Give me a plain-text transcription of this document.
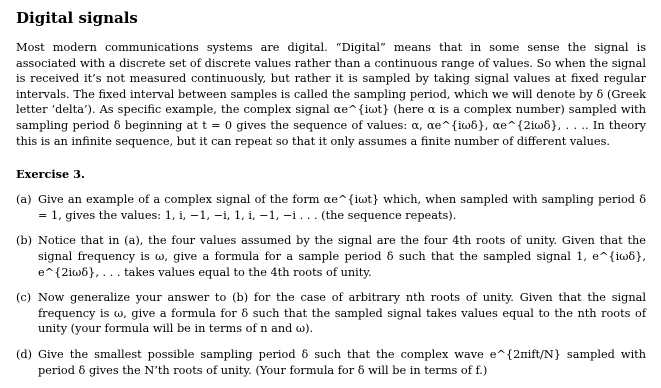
Digital signals

Most modern communications systems are digital. “Digital” means that in some sense the signal is associated with a discrete set of discrete values rather than a continuous range of values. So when the signal is received it’s not measured continuously, but rather it is sampled by taking signal values at fixed regular intervals. The fixed interval between samples is called the sampling period, which we will denote by δ (Greek letter ‘delta’). As specific example, the complex signal αe^{iωt} (here α is a complex number) sampled with sampling period δ beginning at t = 0 gives the sequence of values: α, αe^{iωδ}, αe^{2iωδ}, . . .. In theory this is an infinite sequence, but it can repeat so that it only assumes a finite number of different values.

Exercise 3.
(a) Give an example of a complex signal of the form αe^{iωt} which, when sampled with sampling period δ = 1, gives the values: 1, i, −1, −i, 1, i, −1, −i . . . (the sequence repeats).
(b) Notice that in (a), the four values assumed by the signal are the four 4th roots of unity. Given that the signal frequency is ω, give a formula for a sample period δ such that the sampled signal 1, e^{iωδ}, e^{2iωδ}, . . . takes values equal to the 4th roots of unity.
(c) Now generalize your answer to (b) for the case of arbitrary nth roots of unity. Given that the signal frequency is ω, give a formula for δ such that the sampled signal takes values equal to the nth roots of unity (your formula will be in terms of n and ω).
(d) Give the smallest possible sampling period δ such that the complex wave e^{2πift/N} sampled with period δ gives the N’th roots of unity. (Your formula for δ will be in terms of f.)
